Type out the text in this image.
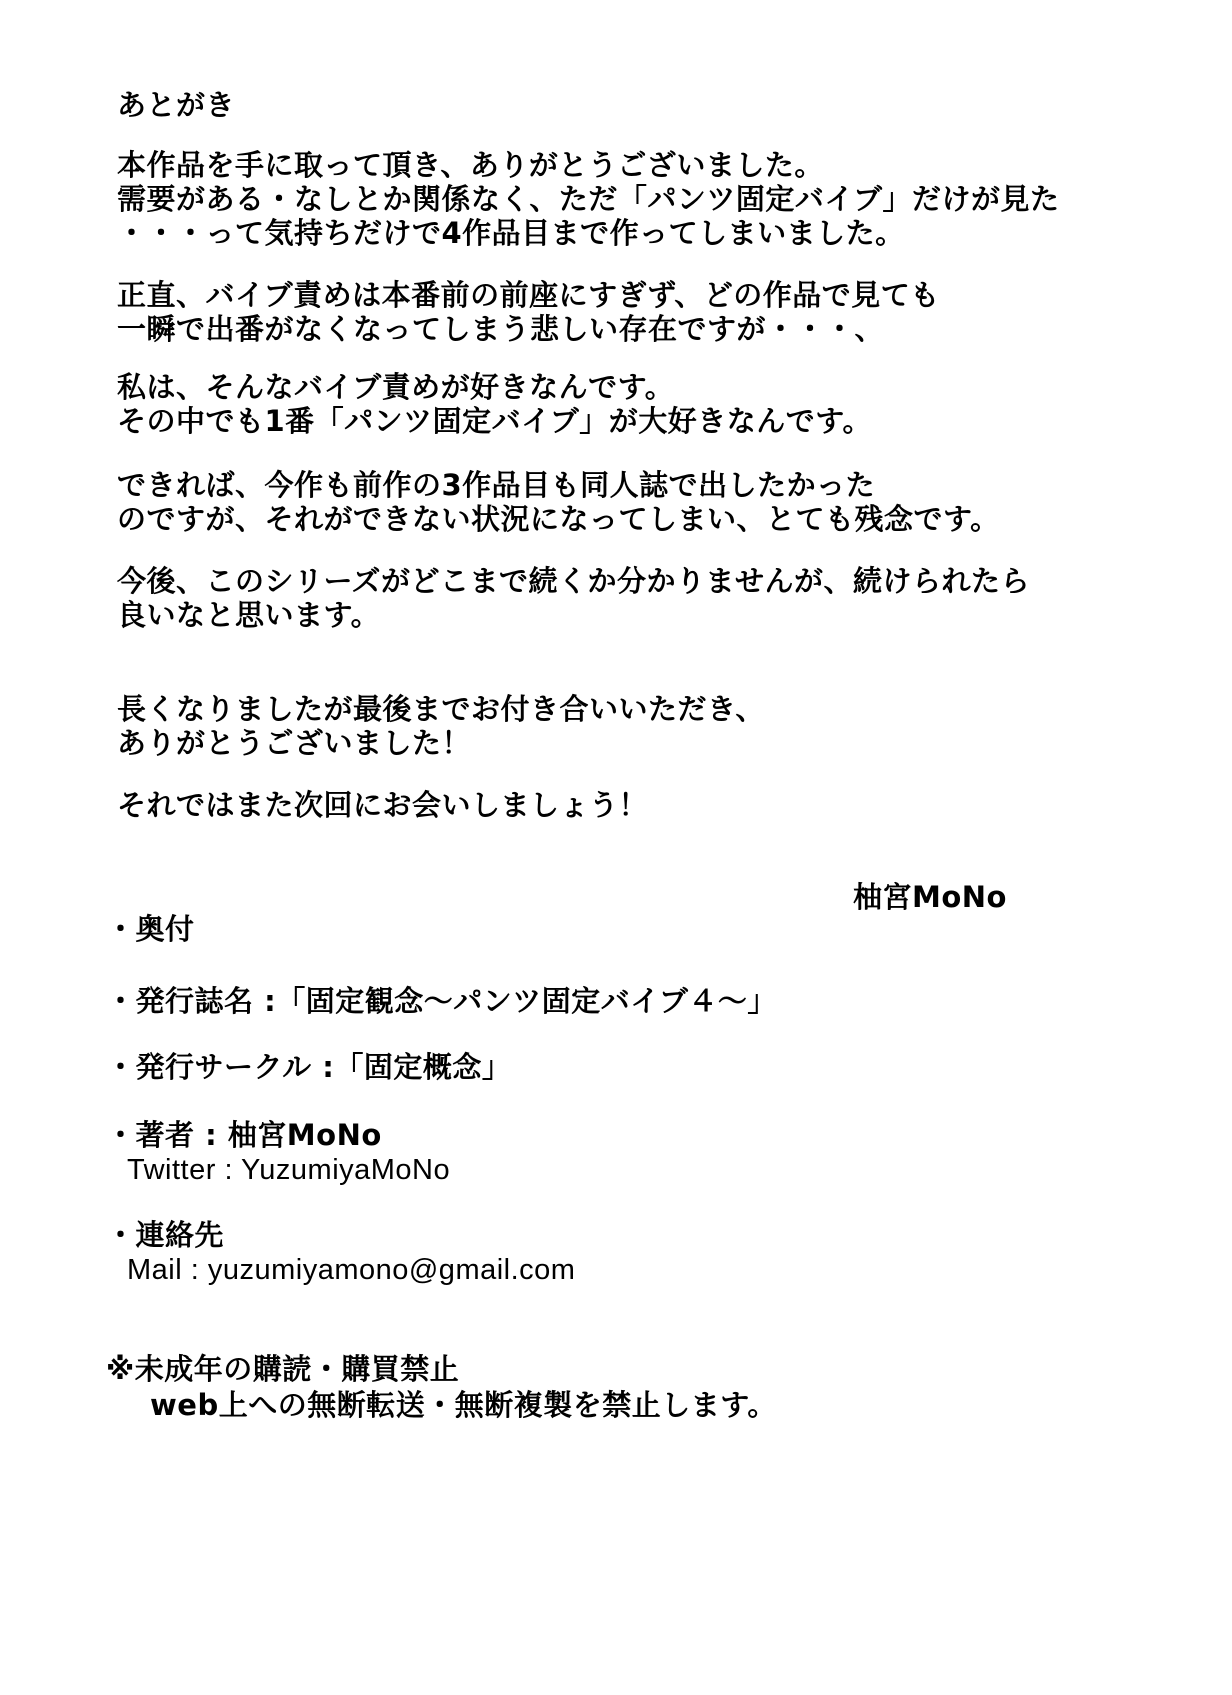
あとがき
本作品を手に取って頂き、ありがとうございました。
需要がある・なしとか関係なく、ただ「パンツ固定バイブ」だけが見た
・・・って気持ちだけで4作品目まで作ってしまいました。
正直、バイブ責めは本番前の前座にすぎず、どの作品で見ても
一瞬で出番がなくなってしまう悲しい存在ですが・・・、
私は、そんなバイブ責めが好きなんです。
その中でも1番「パンツ固定バイブ」が大好きなんです。
できれば、今作も前作の3作品目も同人誌で出したかった
のですが、それができない状況になってしまい、とても残念です。
今後、このシリーズがどこまで続くか分かりませんが、続けられたら
良いなと思います。
長くなりましたが最後までお付き合いいただき、
ありがとうございました！
それではまた次回にお会いしましょう！
柚宮MoNo
・奥付
・発行誌名 :「固定観念～パンツ固定バイブ４～」
・発行サークル :「固定概念」
・著者 : 柚宮MoNo
Twitter : YuzumiyaMoNo
・連絡先
Mail : yuzumiyamono@gmail.com
※未成年の購読・購買禁止
web上への無断転送・無断複製を禁止します。
